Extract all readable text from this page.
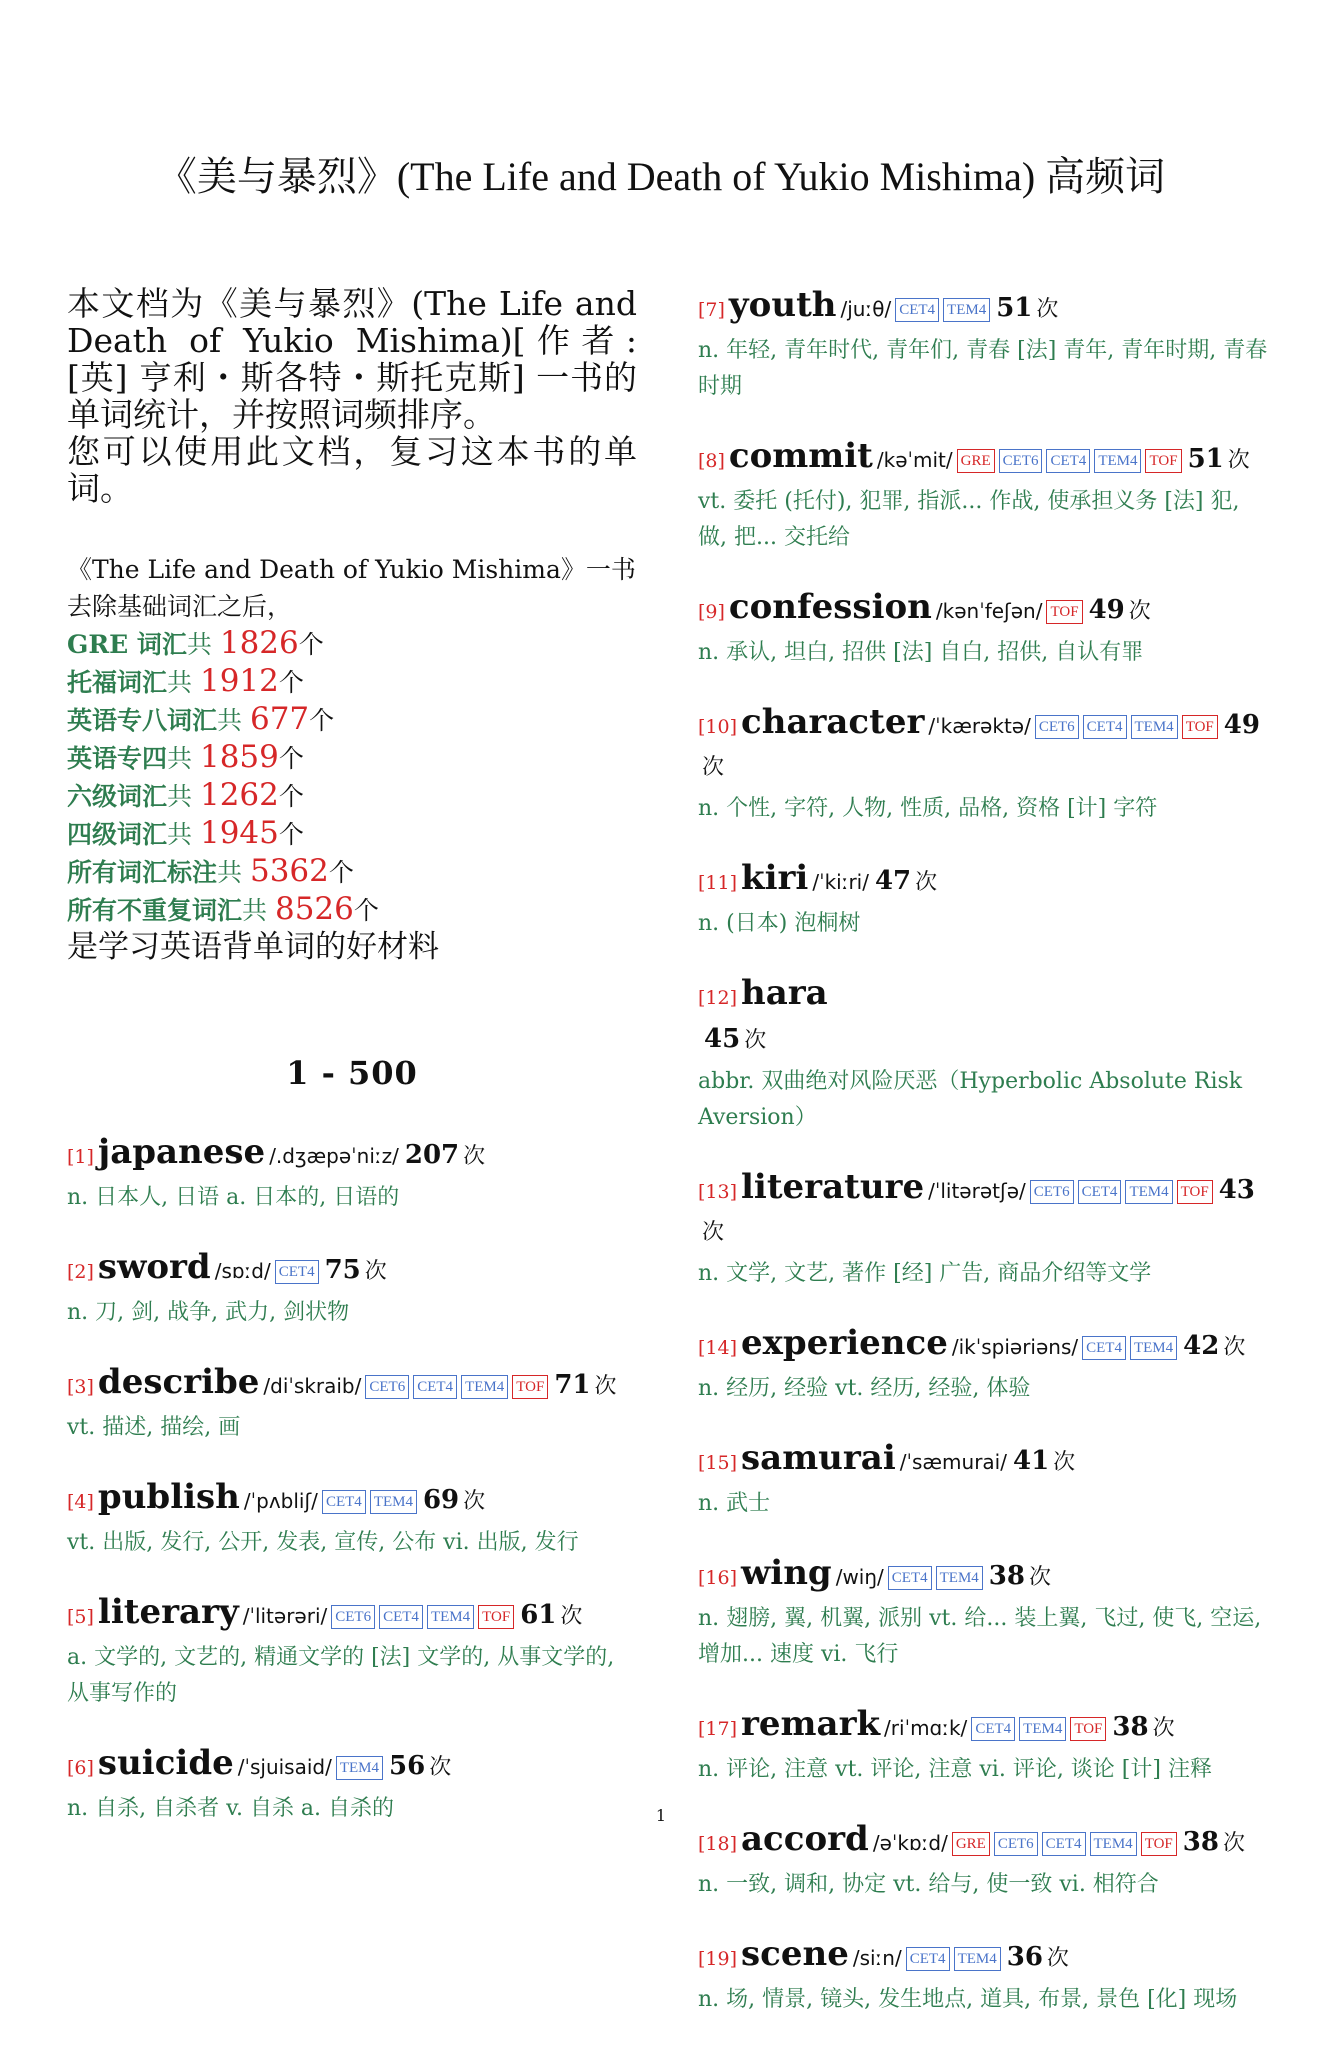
《美与暴烈》(The Life and Death of Yukio Mishima) 高频词

本文档为《美与暴烈》(The Life and Death of Yukio Mishima)[作者: [英] 亨利・斯各特・斯托克斯] 一书的单词统计，并按照词频排序。

您可以使用此文档，复习这本书的单词。

《The Life and Death of Yukio Mishima》一书去除基础词汇之后，
GRE 词汇共 1826个
托福词汇共 1912个
英语专八词汇共 677个
英语专四共 1859个
六级词汇共 1262个
四级词汇共 1945个
所有词汇标注共 5362个
所有不重复词汇共 8526个
是学习英语背单词的好材料
1 - 500
[1] japanese /.dʒæpəˈniːz/ 207 次
n. 日本人, 日语 a. 日本的, 日语的
[2] sword /sɒːd/ CET4 75 次
n. 刀, 剑, 战争, 武力, 剑状物
[3] describe /diˈskraib/ CET6 CET4 TEM4 TOF 71 次
vt. 描述, 描绘, 画
[4] publish /ˈpʌbliʃ/ CET4 TEM4 69 次
vt. 出版, 发行, 公开, 发表, 宣传, 公布 vi. 出版, 发行
[5] literary /ˈlitərəri/ CET6 CET4 TEM4 TOF 61 次
a. 文学的, 文艺的, 精通文学的 [法] 文学的, 从事文学的, 从事写作的
[6] suicide /ˈsjuisaid/ TEM4 56 次
n. 自杀, 自杀者 v. 自杀 a. 自杀的
[7] youth /juːθ/ CET4 TEM4 51 次
n. 年轻, 青年时代, 青年们, 青春 [法] 青年, 青年时期, 青春时期
[8] commit /kəˈmit/ GRE CET6 CET4 TEM4 TOF 51 次
vt. 委托 (托付), 犯罪, 指派... 作战, 使承担义务 [法] 犯, 做, 把... 交托给
[9] confession /kənˈfeʃən/ TOF 49 次
n. 承认, 坦白, 招供 [法] 自白, 招供, 自认有罪
[10] character /ˈkærəktə/ CET6 CET4 TEM4 TOF 49次
n. 个性, 字符, 人物, 性质, 品格, 资格 [计] 字符
[11] kiri /ˈkiːri/ 47 次
n. (日本) 泡桐树
[12] hara
45 次
abbr. 双曲绝对风险厌恶（Hyperbolic Absolute Risk Aversion）
[13] literature /ˈlitərətʃə/ CET6 CET4 TEM4 TOF 43次
n. 文学, 文艺, 著作 [经] 广告, 商品介绍等文学
[14] experience /ikˈspiəriəns/ CET4 TEM4 42 次
n. 经历, 经验 vt. 经历, 经验, 体验
[15] samurai /ˈsæmurai/ 41 次
n. 武士
[16] wing /wiŋ/ CET4 TEM4 38 次
n. 翅膀, 翼, 机翼, 派别 vt. 给... 装上翼, 飞过, 使飞, 空运, 增加... 速度 vi. 飞行
[17] remark /riˈmɑːk/ CET4 TEM4 TOF 38 次
n. 评论, 注意 vt. 评论, 注意 vi. 评论, 谈论 [计] 注释
[18] accord /əˈkɒːd/ GRE CET6 CET4 TEM4 TOF 38 次
n. 一致, 调和, 协定 vt. 给与, 使一致 vi. 相符合
[19] scene /siːn/ CET4 TEM4 36 次
n. 场, 情景, 镜头, 发生地点, 道具, 布景, 景色 [化] 现场
1
